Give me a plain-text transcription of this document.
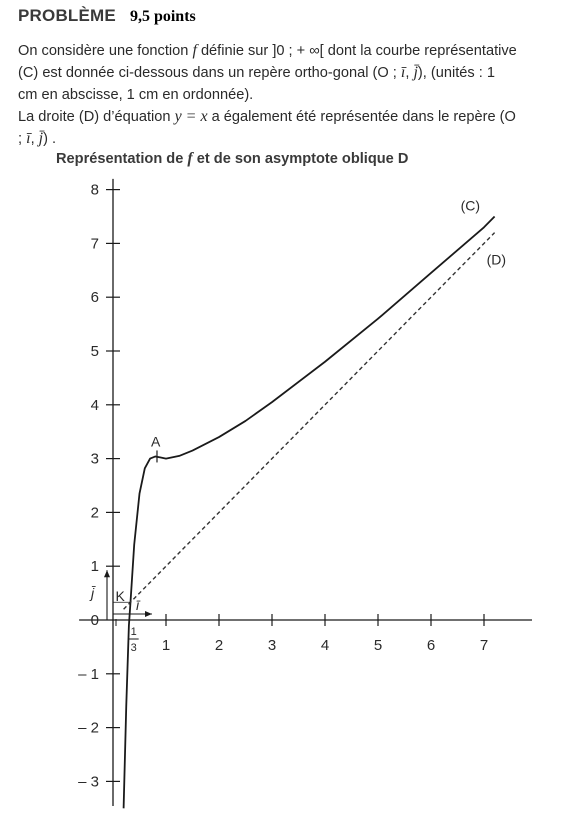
PROBLÈME 9,5 points
On considère une fonction f définie sur ]0 ; + ∞[ dont la courbe représentative (C) est donnée ci-dessous dans un repère ortho-gonal (O ; ī, j̄), (unités : 1 cm en abscisse, 1 cm en ordonnée).
La droite (D) d’équation y = x a également été représentée dans le repère (O ; ī, j̄) .
Représentation de f et de son asymptote oblique D
1	2	3	4	5	6	7
8
7
6
5
4
3
2
1
0
– 1
– 2
– 3
1
3
ī
j̄
(C)
(D)
A
K
